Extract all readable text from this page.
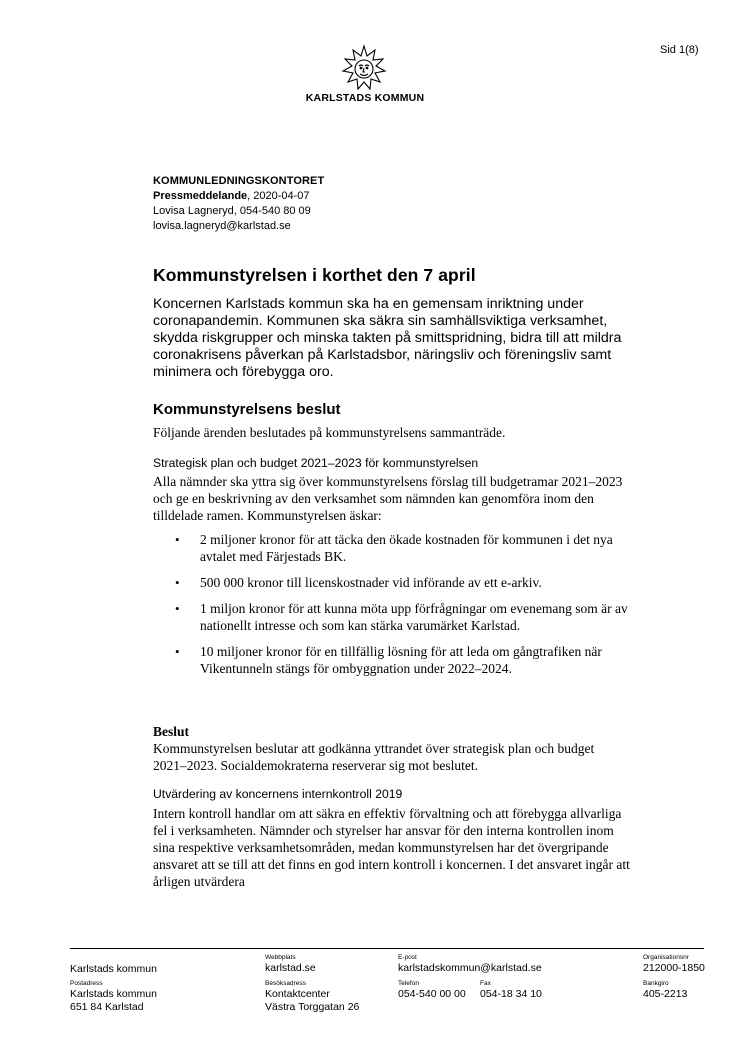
Sid 1(8)
KARLSTADS KOMMUN
KOMMUNLEDNINGSKONTORET
Pressmeddelande, 2020-04-07
Lovisa Lagneryd, 054-540 80 09
lovisa.lagneryd@karlstad.se
Kommunstyrelsen i korthet den 7 april
Koncernen Karlstads kommun ska ha en gemensam inriktning under coronapandemin. Kommunen ska säkra sin samhällsviktiga verksamhet, skydda riskgrupper och minska takten på smittspridning, bidra till att mildra coronakrisens påverkan på Karlstadsbor, näringsliv och föreningsliv samt minimera och förebygga oro.
Kommunstyrelsens beslut
Följande ärenden beslutades på kommunstyrelsens sammanträde.
Strategisk plan och budget 2021–2023 för kommunstyrelsen
Alla nämnder ska yttra sig över kommunstyrelsens förslag till budgetramar 2021–2023 och ge en beskrivning av den verksamhet som nämnden kan genomföra inom den tilldelade ramen. Kommunstyrelsen äskar:
• 2 miljoner kronor för att täcka den ökade kostnaden för kommunen i det nya avtalet med Färjestads BK.
• 500 000 kronor till licenskostnader vid införande av ett e-arkiv.
• 1 miljon kronor för att kunna möta upp förfrågningar om evenemang som är av nationellt intresse och som kan stärka varumärket Karlstad.
• 10 miljoner kronor för en tillfällig lösning för att leda om gångtrafiken när Vikentunneln stängs för ombyggnation under 2022–2024.
Beslut
Kommunstyrelsen beslutar att godkänna yttrandet över strategisk plan och budget 2021–2023. Socialdemokraterna reserverar sig mot beslutet.
Utvärdering av koncernens internkontroll 2019
Intern kontroll handlar om att säkra en effektiv förvaltning och att förebygga allvarliga fel i verksamheten. Nämnder och styrelser har ansvar för den interna kontrollen inom sina respektive verksamhetsområden, medan kommunstyrelsen har det övergripande ansvaret att se till att det finns en god intern kontroll i koncernen. I det ansvaret ingår att årligen utvärdera
Karlstads kommun
Webbplats
karlstad.se
E-post
karlstadskommun@karlstad.se
Organisationsnr
212000-1850
Postadress
Karlstads kommun
651 84 Karlstad
Besöksadress
Kontaktcenter
Västra Torggatan 26
Telefon
054-540 00 00
Fax
054-18 34 10
Bankgiro
405-2213
